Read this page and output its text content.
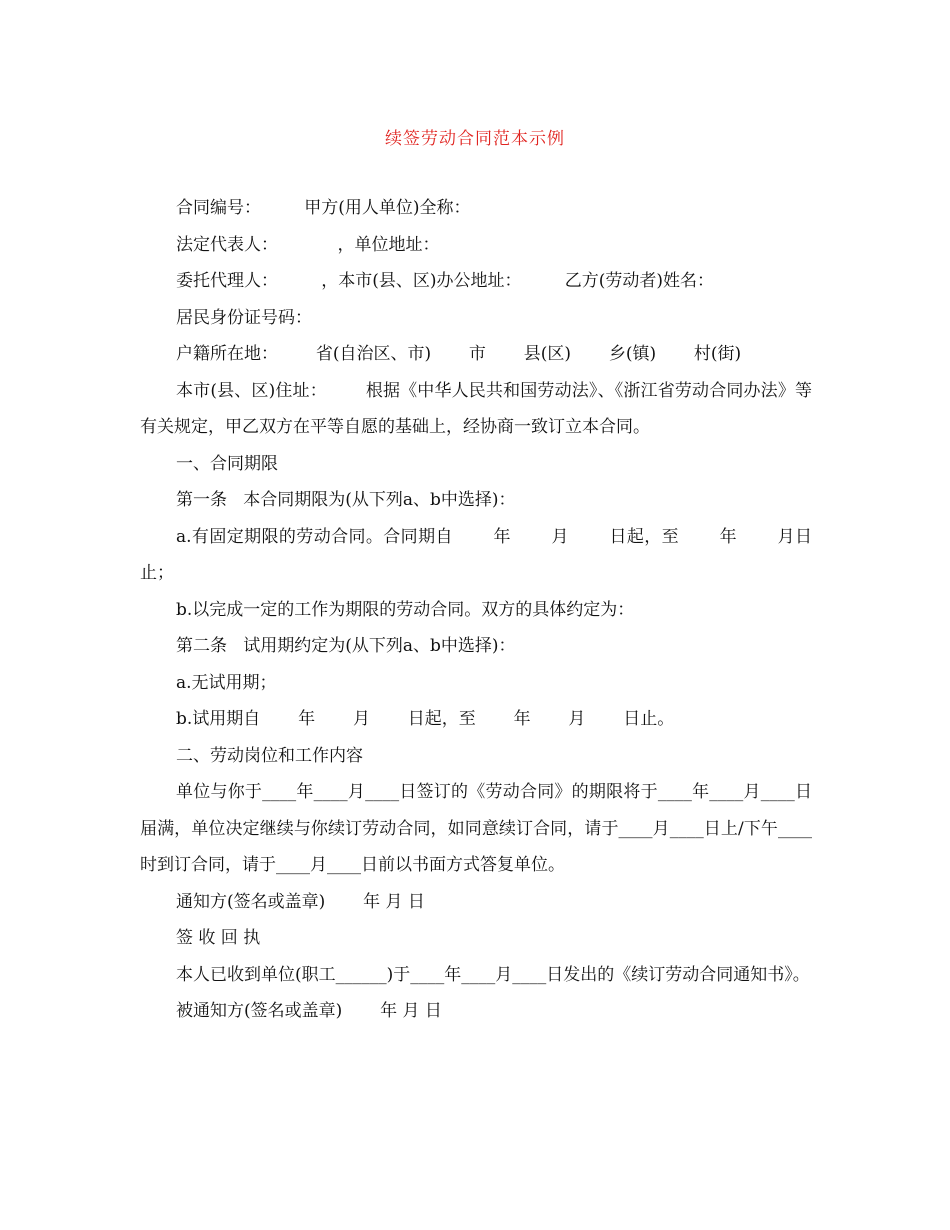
续签劳动合同范本示例

合同编号：        甲方(用人单位)全称：

法定代表人：           ，单位地址：

委托代理人：        ，本市(县、区)办公地址：        乙方(劳动者)姓名：

居民身份证号码：

户籍所在地：       省(自治区、市)       市       县(区)       乡(镇)       村(街)

本市(县、区)住址：       根据《中华人民共和国劳动法》、《浙江省劳动合同办法》等有关规定，甲乙双方在平等自愿的基础上，经协商一致订立本合同。

一、合同期限

第一条   本合同期限为(从下列a、b中选择)：

a.有固定期限的劳动合同。合同期自       年       月       日起，至       年       月日止；

b.以完成一定的工作为期限的劳动合同。双方的具体约定为：

第二条   试用期约定为(从下列a、b中选择)：

a.无试用期；

b.试用期自       年       月       日起，至       年       月       日止。

二、劳动岗位和工作内容

单位与你于____年____月____日签订的《劳动合同》的期限将于____年____月____日届满，单位决定继续与你续订劳动合同，如同意续订合同，请于____月____日上/下午____时到订合同，请于____月____日前以书面方式答复单位。

通知方(签名或盖章)       年 月 日

签 收 回 执

本人已收到单位(职工______)于____年____月____日发出的《续订劳动合同通知书》。

被通知方(签名或盖章)       年 月 日
